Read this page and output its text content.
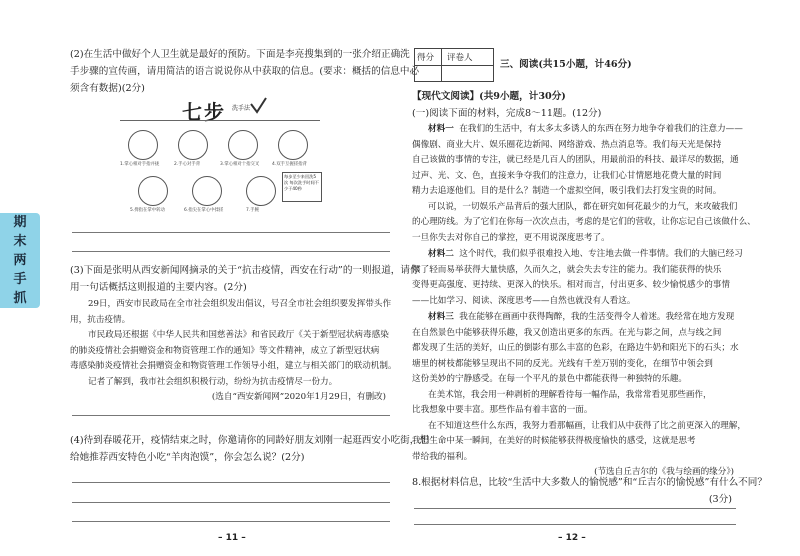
期
末
两
手
抓
(2)在生活中做好个人卫生就是最好的预防。下面是李亮搜集到的一张介绍正确洗
手步骤的宣传画，请用简洁的语言说说你从中获取的信息。(要求：概括的信息中必
须含有数据)(2分)
七步 洗手法
1.掌心相对手指并拢	2.手心对手背	3.掌心相对十指交叉	4.双手互握搓指背
每步至少来回洗5次 每次洗手时间不少于40秒
5.拇指在掌中转动	6.指尖在掌心中揉搓	7.手腕
(3)下面是张明从西安新闻网摘录的关于“抗击疫情，西安在行动”的一则报道，请你
用一句话概括这则报道的主要内容。(2分)
29日，西安市民政局在全市社会组织发出倡议，号召全市社会组织要发挥带头作
用，抗击疫情。
市民政局还根据《中华人民共和国慈善法》和省民政厅《关于新型冠状病毒感染
的肺炎疫情社会捐赠资金和物资管理工作的通知》等文件精神，成立了新型冠状病
毒感染肺炎疫情社会捐赠资金和物资管理工作领导小组，建立与相关部门的联动机制。
记者了解到，我市社会组织积极行动，纷纷为抗击疫情尽一份力。
(选自“西安新闻网”2020年1月29日，有删改)
(4)待到春暖花开，疫情结束之时，你邀请你的同龄好朋友刘刚一起逛西安小吃街，想
给她推荐西安特色小吃“羊肉泡馍”，你会怎么说？(2分)
– 11 –
得分 评卷人
三、阅读(共15小题，计46分)
【现代文阅读】(共9小题，计30分)
(一)阅读下面的材料，完成8～11题。(12分)
材料一 在我们的生活中，有太多太多诱人的东西在努力地争夺着我们的注意力——
偶像剧、商业大片、娱乐圈花边新闻、网络游戏、热点消息等。我们每天光是保持
自己该做的事情的专注，就已经是几百人的团队，用最前沿的科技、最详尽的数据，通
过声、光、文、色，直接来争夺我们的注意力，让我们心甘情愿地花费大量的时间
精力去追逐他们。目的是什么？制造一个虚拟空间，吸引我们去打发宝贵的时间。
可以说，一切娱乐产品背后的强大团队，都在研究如何花最少的力气，来攻破我们
的心理防线。为了它们在你每一次次点击，考虑的是它们的营收，让你忘记自己该做什么、
一旦你失去对你自己的掌控，更不用说深度思考了。
材料二 这个时代，我们似乎很难投入地、专注地去做一件事情。我们的大脑已经习
惯了轻而易举获得大量快感，久而久之，就会失去专注的能力。我们能获得的快乐
变得更高强度、更持续、更深入的快乐。相对而言，付出更多、较少愉悦感少的事情
——比如学习、阅读、深度思考——自然也就没有人看这。
材料三 我在能够在画画中获得陶醉，我的生活变得令人着迷。我经常在地方发现
在自然景色中能够获得乐趣，我又创造出更多的东西。在光与影之间，点与线之间
都发现了生活的美好，山丘的倒影有那么丰富的色彩，在路边牛奶和阳光下的石头；水
塘里的树枝都能够呈现出不同的反光。光线有千差万别的变化，在细节中领会到
这份美妙的宁静感受。在每一个平凡的景色中都能获得一种独特的乐趣。
在美术馆，我会用一种剥析的理解看待每一幅作品，我常常看见那些画作，
比我想象中要丰富。那些作品有着丰富的一面。
在不知道这些什么东西，我努力看那幅画，让我们从中获得了比之前更深入的理解，
我们生命中某一瞬间，在美好的时候能够获得极度愉快的感受，这就是思考
带给我的福利。
(节选自丘吉尔的《我与绘画的缘分》)
8.根据材料信息，比较“生活中大多数人的愉悦感”和“丘吉尔的愉悦感”有什么不同？
(3分)
– 12 –
